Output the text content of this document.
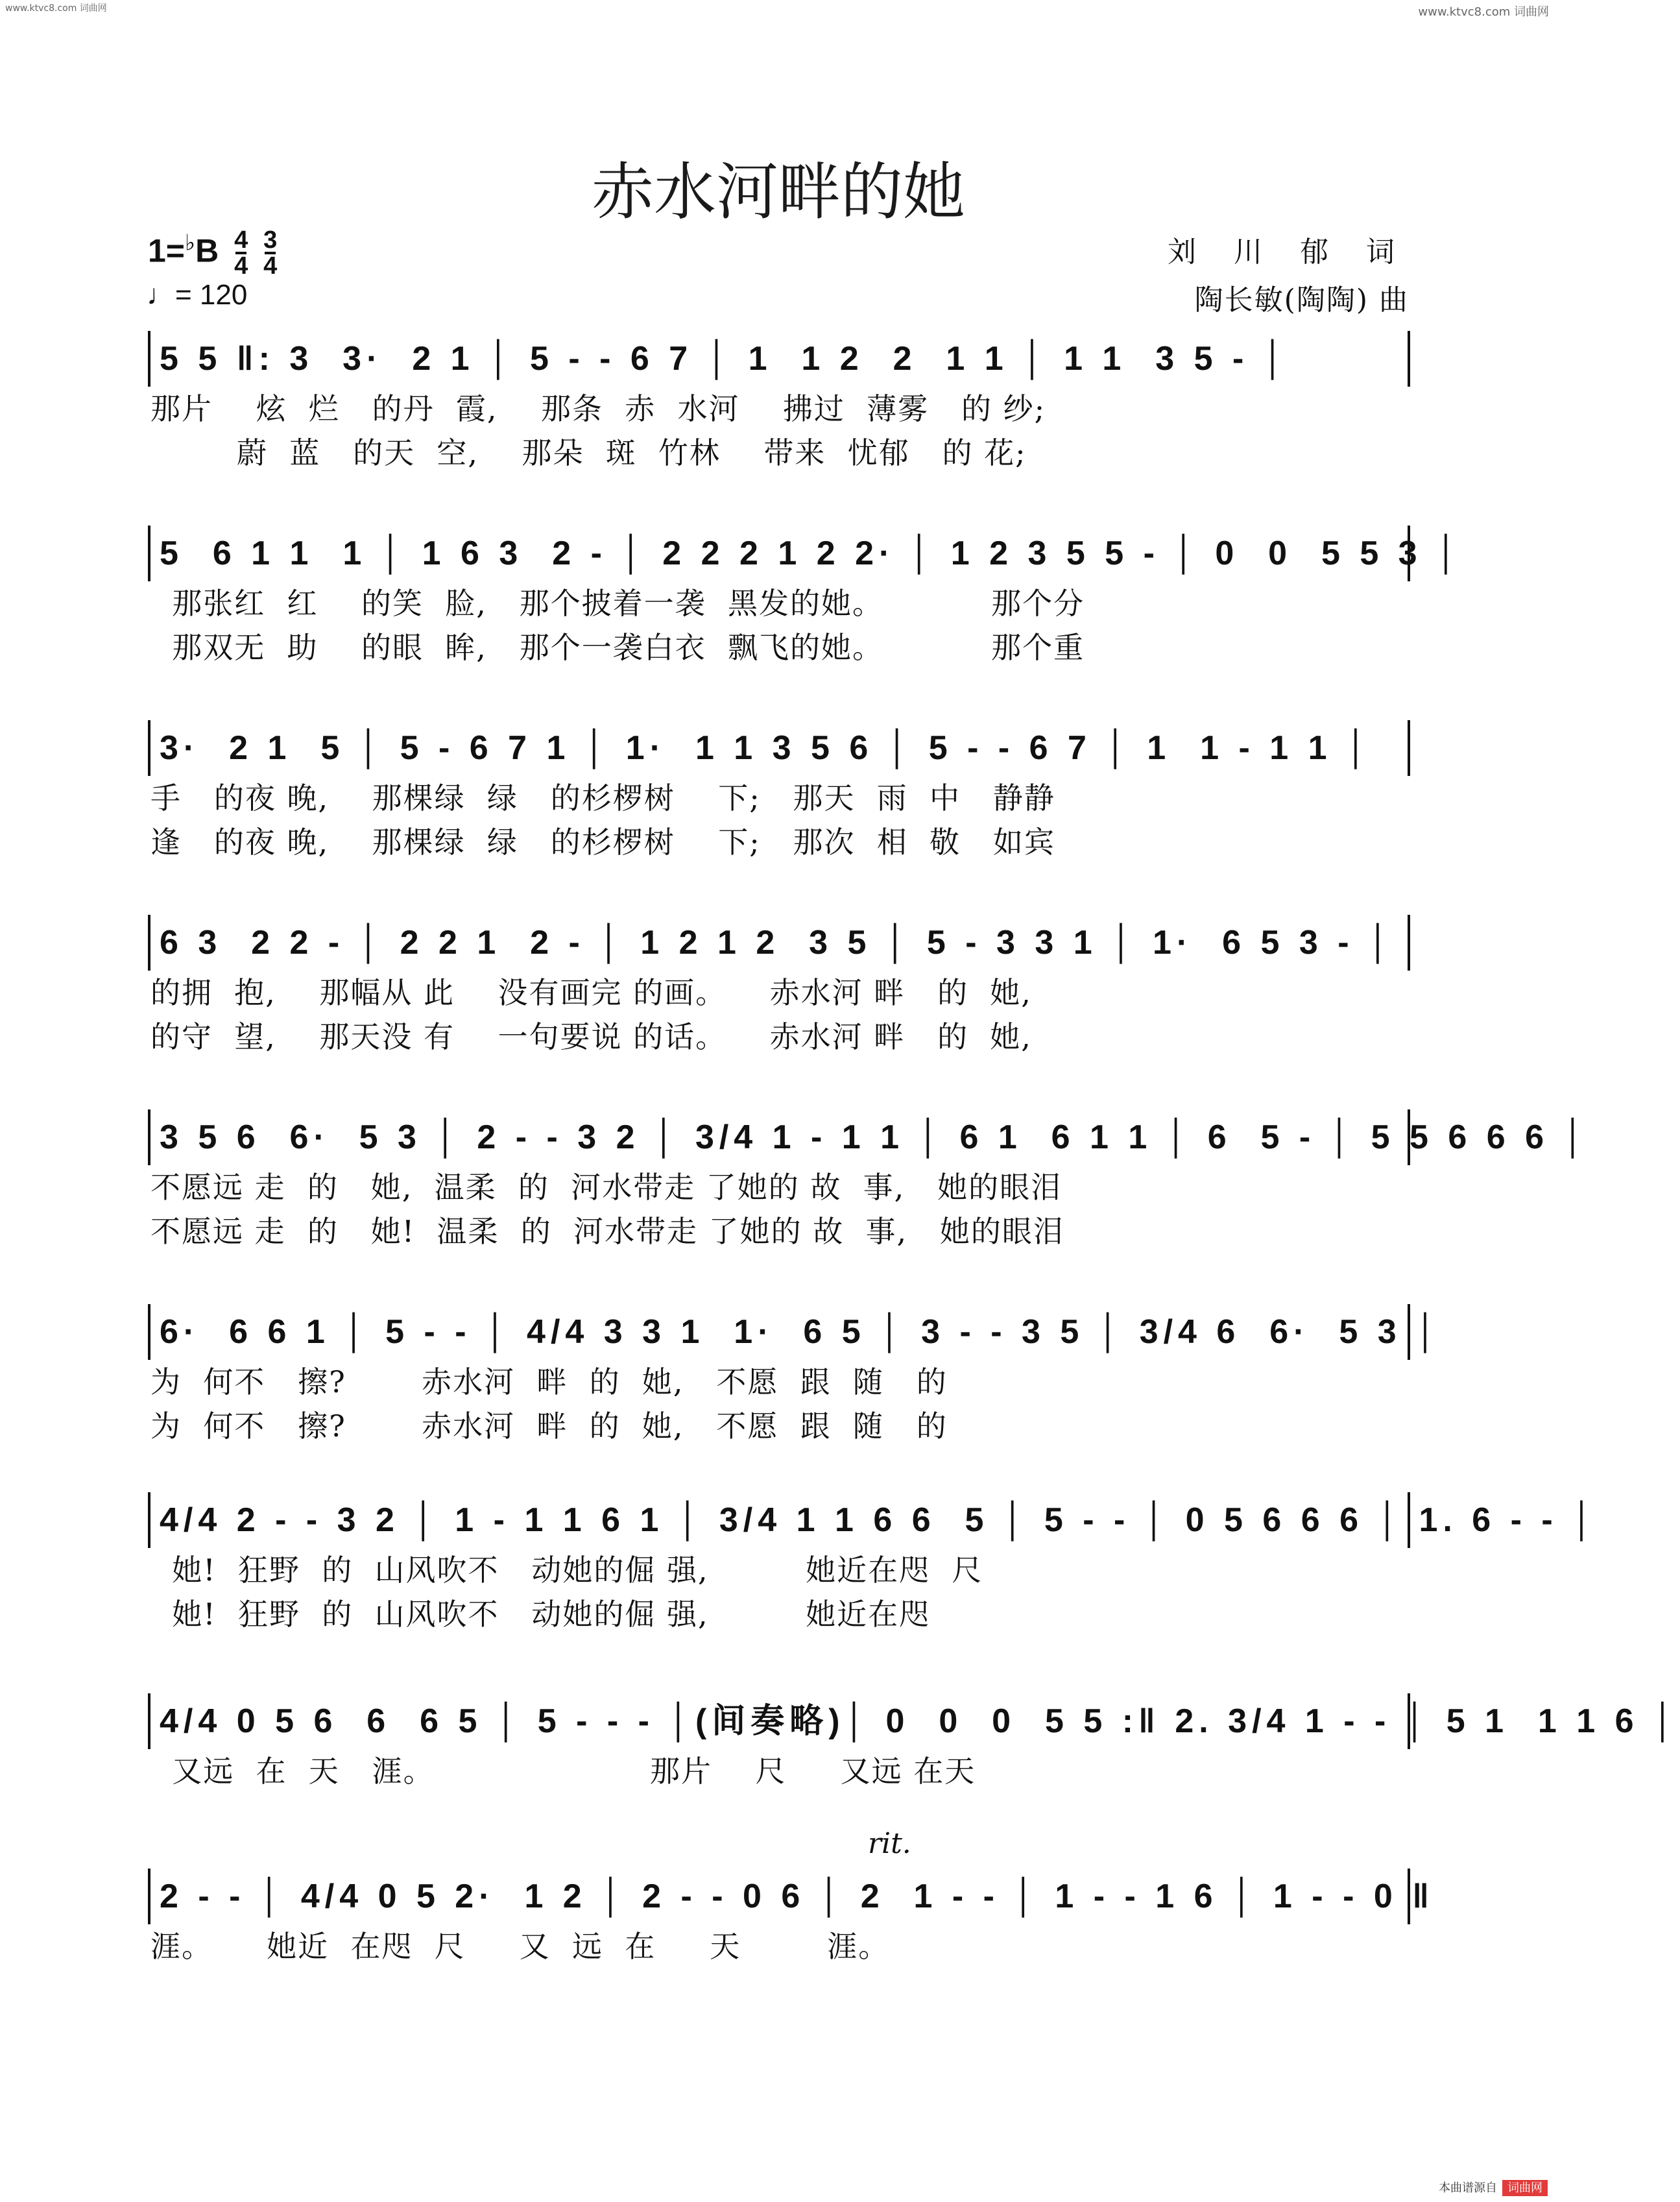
www.ktvc8.com 词曲网	www.ktvc8.com 词曲网
赤水河畔的她
$1=^♭B \frac{4}{4}$
$\frac{3}{4}$
♩= 120
刘 川 郁 词
陶长敏(陶陶) 曲
5 5 ‖: 3  3·  2 1 │ 5 - - 6 7 │ 1  1 2  2  1 1 │ 1 1  3 5 - │
那片    炫  烂   的丹  霞,    那条  赤  水河    拂过  薄雾   的 纱;
蔚  蓝   的天  空,    那朵  斑  竹林    带来  忧郁   的 花;
5  6 1 1  1 │ 1 6 3  2 - │ 2 2 2 1 2 2· │ 1 2 3 5 5 - │ 0  0  5 5 3 │
那张红  红    的笑  脸,   那个披着一袭  黑发的她。          那个分
那双无  助    的眼  眸,   那个一袭白衣  飘飞的她。          那个重
3·  2 1  5 │ 5 - 6 7 1 │ 1·  1 1 3 5 6 │ 5 - - 6 7 │ 1  1 - 1 1 │
手   的夜 晚,    那棵绿  绿   的杉椤树    下;   那天  雨  中   静静
逢   的夜 晚,    那棵绿  绿   的杉椤树    下;   那次  相  敬   如宾
6 3  2 2 - │ 2 2 1  2 - │ 1 2 1 2  3 5 │ 5 - 3 3 1 │ 1·  6 5 3 - │
的拥  抱,    那幅从 此    没有画完 的画。    赤水河 畔   的  她,
的守  望,    那天没 有    一句要说 的话。    赤水河 畔   的  她,
3 5 6  6·  5 3 │ 2 - - 3 2 │ 3/4 1 - 1 1 │ 6 1  6 1 1 │ 6  5 - │ 5 5 6 6 6 │
不愿远 走  的   她,  温柔  的  河水带走 了她的 故  事,   她的眼泪
不愿远 走  的   她!  温柔  的  河水带走 了她的 故  事,   她的眼泪
6·  6 6 1 │ 5 - - │ 4/4 3 3 1  1·  6 5 │ 3 - - 3 5 │ 3/4 6  6·  5 3 │
为  何不   擦?       赤水河  畔  的  她,   不愿  跟  随   的
为  何不   擦?       赤水河  畔  的  她,   不愿  跟  随   的
4/4 2 - - 3 2 │ 1 - 1 1 6 1 │ 3/4 1 1 6 6  5 │ 5 - - │ 0 5 6 6 6 │ 1. 6 - - │
她!  狂野  的  山风吹不   动她的倔 强,         她近在咫  尺
她!  狂野  的  山风吹不   动她的倔 强,         她近在咫
4/4 0 5 6  6  6 5 │ 5 - - - │(间奏略)│ 0  0  0  5 5 :‖ 2. 3/4 1 - - │ 5 1  1 1 6 │
又远  在  天   涯。                    那片    尺     又远 在天
rit.
2 - - │ 4/4 0 5 2·  1 2 │ 2 - - 0 6 │ 2  1 - - │ 1 - - 1 6 │ 1 - - 0 ‖
涯。     她近  在咫  尺     又  远  在     天        涯。
本曲谱源自 词曲网
